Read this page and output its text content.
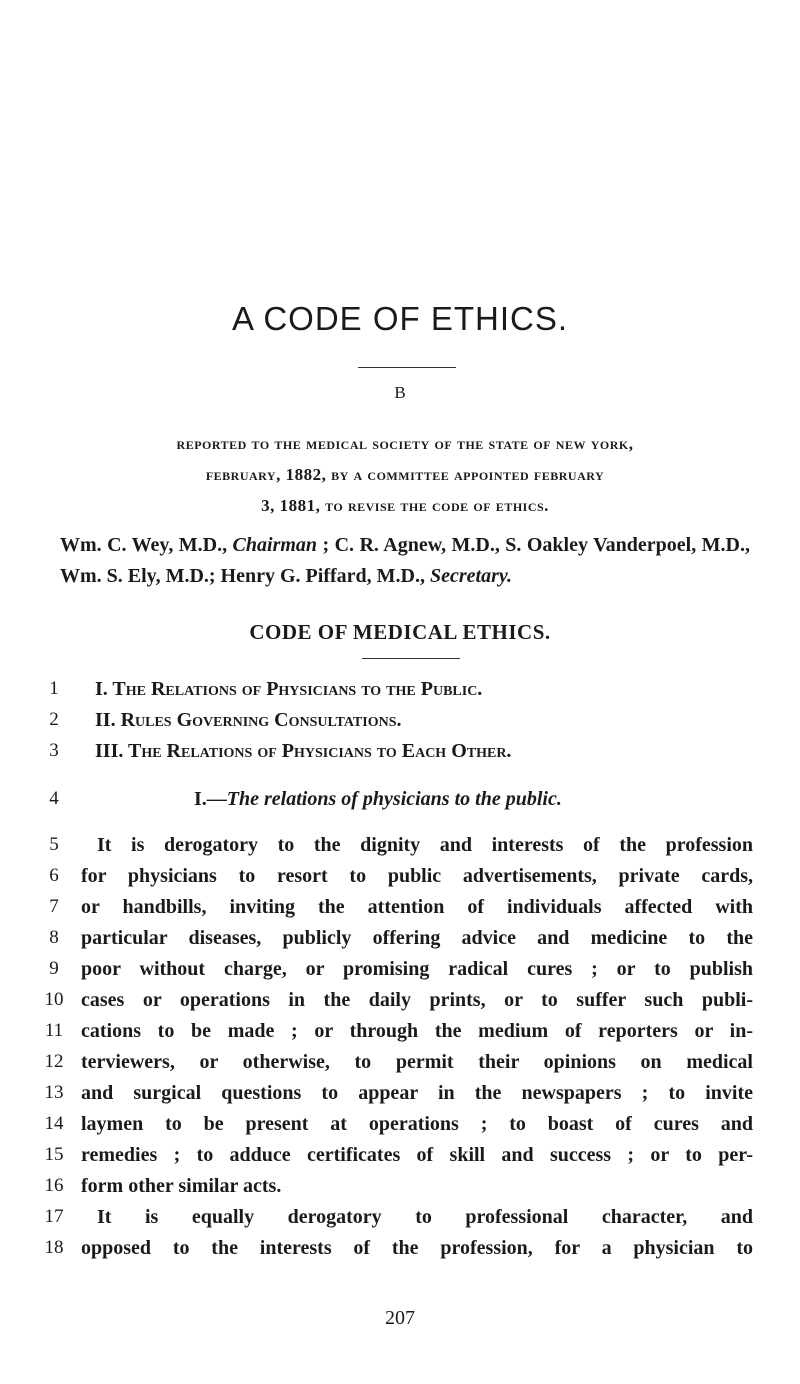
A CODE OF ETHICS.
B
reported to the medical society of the state of new york,
february, 1882, by a committee appointed february
3, 1881, to revise the code of ethics.
Wm. C. Wey, M.D., Chairman ; C. R. Agnew, M.D., S. Oakley Vanderpoel, M.D., Wm. S. Ely, M.D.; Henry G. Piffard, M.D., Secretary.
CODE OF MEDICAL ETHICS.
1	I. The Relations of Physicians to the Public.
2	II. Rules Governing Consultations.
3	III. The Relations of Physicians to Each Other.
4	I.—The relations of physicians to the public.
5	It is derogatory to the dignity and interests of the profession
6	for physicians to resort to public advertisements, private cards,
7	or handbills, inviting the attention of individuals affected with
8	particular diseases, publicly offering advice and medicine to the
9	poor without charge, or promising radical cures ; or to publish
10 cases or operations in the daily prints, or to suffer such publi-
11 cations to be made ; or through the medium of reporters or in-
12 terviewers, or otherwise, to permit their opinions on medical
13 and surgical questions to appear in the newspapers ; to invite
14 laymen to be present at operations ; to boast of cures and
15 remedies ; to adduce certificates of skill and success ; or to per-
16 form other similar acts.
17 It is equally derogatory to professional character, and
18 opposed to the interests of the profession, for a physician to
207
